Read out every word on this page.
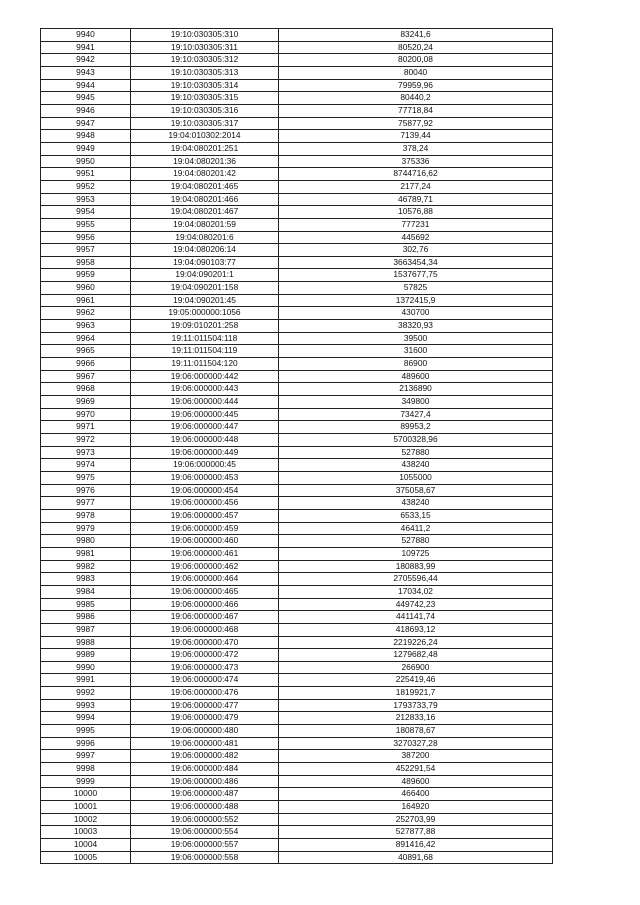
9940	19:10:030305:310	83241,6
9941	19:10:030305:311	80520,24
9942	19:10:030305:312	80200,08
9943	19:10:030305:313	80040
9944	19:10:030305:314	79959,96
9945	19:10:030305:315	80440,2
9946	19:10:030305:316	77718,84
9947	19:10:030305:317	75877,92
9948	19:04:010302:2014	7139,44
9949	19:04:080201:251	378,24
9950	19:04:080201:36	375336
9951	19:04:080201:42	8744716,62
9952	19:04:080201:465	2177,24
9953	19:04:080201:466	46789,71
9954	19:04:080201:467	10576,88
9955	19:04:080201:59	777231
9956	19:04:080201:6	445692
9957	19:04:080206:14	302,76
9958	19:04:090103:77	3663454,34
9959	19:04:090201:1	1537677,75
9960	19:04:090201:158	57825
9961	19:04:090201:45	1372415,9
9962	19:05:000000:1056	430700
9963	19:09:010201:258	38320,93
9964	19:11:011504:118	39500
9965	19:11:011504:119	31600
9966	19:11:011504:120	86900
9967	19:06:000000:442	489600
9968	19:06:000000:443	2136890
9969	19:06:000000:444	349800
9970	19:06:000000:445	73427,4
9971	19:06:000000:447	89953,2
9972	19:06:000000:448	5700328,96
9973	19:06:000000:449	527880
9974	19:06:000000:45	438240
9975	19:06:000000:453	1055000
9976	19:06:000000:454	375058,67
9977	19:06:000000:456	438240
9978	19:06:000000:457	6533,15
9979	19:06:000000:459	46411,2
9980	19:06:000000:460	527880
9981	19:06:000000:461	109725
9982	19:06:000000:462	180883,99
9983	19:06:000000:464	2705596,44
9984	19:06:000000:465	17034,02
9985	19:06:000000:466	449742,23
9986	19:06:000000:467	441141,74
9987	19:06:000000:468	418693,12
9988	19:06:000000:470	2219226,24
9989	19:06:000000:472	1279682,48
9990	19:06:000000:473	266900
9991	19:06:000000:474	225419,46
9992	19:06:000000:476	1819921,7
9993	19:06:000000:477	1793733,79
9994	19:06:000000:479	212833,16
9995	19:06:000000:480	180878,67
9996	19:06:000000:481	3270327,28
9997	19:06:000000:482	387200
9998	19:06:000000:484	452291,54
9999	19:06:000000:486	489600
10000	19:06:000000:487	466400
10001	19:06:000000:488	164920
10002	19:06:000000:552	252703,99
10003	19:06:000000:554	527877,88
10004	19:06:000000:557	891416,42
10005	19:06:000000:558	40891,68
